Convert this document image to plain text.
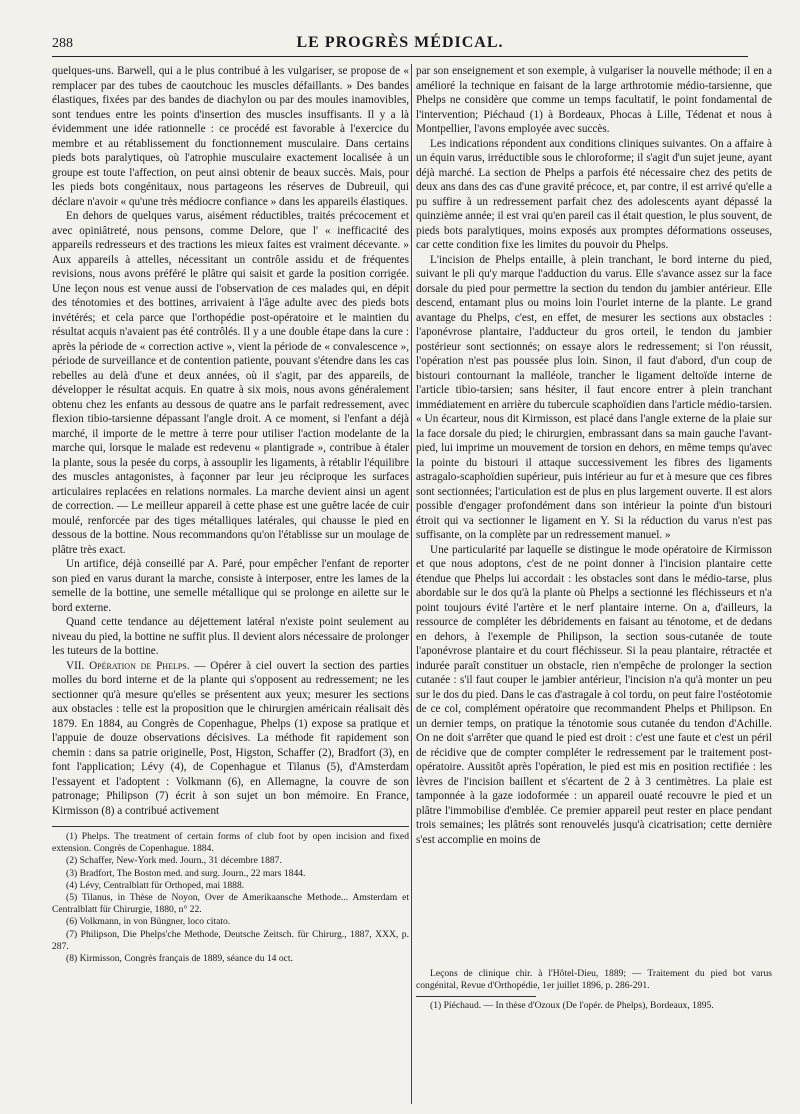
288	LE PROGRÈS MÉDICAL.

quelques-uns. Barwell, qui a le plus contribué à les vulgariser, se propose de « remplacer par des tubes de caoutchouc les muscles défaillants. » Des bandes élastiques, fixées par des bandes de diachylon ou par des moules inamovibles, sont tendues entre les points d'insertion des muscles insuffisants. Il y a là évidemment une idée rationnelle : ce procédé est favorable à l'exercice du membre et au rétablissement du fonctionnement musculaire. Dans certains pieds bots paralytiques, où l'atrophie musculaire exactement localisée à un groupe est toute l'affection, on peut ainsi obtenir de beaux succès. Mais, pour les pieds bots congénitaux, nous partageons les réserves de Dubreuil, qui déclare n'avoir « qu'une très médiocre confiance » dans les appareils élastiques.

En dehors de quelques varus, aisément réductibles, traités précocement et avec opiniâtreté, nous pensons, comme Delore, que l' « inefficacité des appareils redresseurs et des tractions les mieux faites est vraiment décevante. » Aux appareils à attelles, nécessitant un contrôle assidu et de fréquentes revisions, nous avons préféré le plâtre qui saisit et garde la position corrigée. Une leçon nous est venue aussi de l'observation de ces malades qui, en dépit des ténotomies et des bottines, arrivaient à l'âge adulte avec des pieds bots invétérés; et cela parce que l'orthopédie post-opératoire et le maintien du résultat acquis n'avaient pas été contrôlés. Il y a une double étape dans la cure : après la période de « correction active », vient la période de « convalescence », période de surveillance et de contention patiente, pouvant s'étendre dans les cas rebelles au delà d'une et deux années, où il s'agit, par des appareils, de développer le résultat acquis. En quatre à six mois, nous avons généralement obtenu chez les enfants au dessous de quatre ans le parfait redressement, avec flexion tibio-tarsienne dépassant l'angle droit. A ce moment, si l'enfant a déjà marché, il importe de le mettre à terre pour utiliser l'action modelante de la marche qui, lorsque le malade est redevenu « plantigrade », contribue à étaler la plante, sous la pesée du corps, à assouplir les ligaments, à rétablir l'équilibre des muscles antagonistes, à façonner par leur jeu réciproque les surfaces articulaires replacées en relations normales. La marche devient ainsi un agent de correction. — Le meilleur appareil à cette phase est une guêtre lacée de cuir moulé, renforcée par des tiges métalliques latérales, qui chausse le pied en dessous de la bottine. Nous recommandons qu'on l'établisse sur un moulage de plâtre très exact.

Un artifice, déjà conseillé par A. Paré, pour empêcher l'enfant de reporter son pied en varus durant la marche, consiste à interposer, entre les lames de la semelle de la bottine, une semelle métallique qui se prolonge en ailette sur le bord externe.

Quand cette tendance au déjettement latéral n'existe point seulement au niveau du pied, la bottine ne suffit plus. Il devient alors nécessaire de prolonger les tuteurs de la bottine.

VII. Opération de Phelps. — Opérer à ciel ouvert la section des parties molles du bord interne et de la plante qui s'opposent au redressement; ne les sectionner qu'à mesure qu'elles se présentent aux yeux; mesurer les sections aux obstacles : telle est la proposition que le chirurgien américain réalisait dès 1879. En 1884, au Congrès de Copenhague, Phelps (1) expose sa pratique et l'appuie de douze observations décisives. La méthode fit rapidement son chemin : dans sa patrie originelle, Post, Higston, Schaffer (2), Bradfort (3), en font l'application; Lévy (4), de Copenhague et Tilanus (5), d'Amsterdam l'essayent et l'adoptent : Volkmann (6), en Allemagne, la couvre de son patronage; Philipson (7) écrit à son sujet un bon mémoire. En France, Kirmisson (8) a contribué activement

(1) Phelps. The treatment of certain forms of club foot by open incision and fixed extension. Congrès de Copenhague. 1884.
(2) Schaffer, New-York med. Journ., 31 décembre 1887.
(3) Bradfort, The Boston med. and surg. Journ., 22 mars 1844.
(4) Lévy, Centralblatt für Orthoped, mai 1888.
(5) Tilanus, in Thèse de Noyon, Over de Amerikaansche Methode... Amsterdam et Centralblatt für Chirurgie, 1880, n° 22.
(6) Volkmann, in von Büngner, loco citato.
(7) Philipson, Die Phelps'che Methode, Deutsche Zeitsch. für Chirurg., 1887, XXX, p. 287.
(8) Kirmisson, Congrès français de 1889, séance du 14 oct.

par son enseignement et son exemple, à vulgariser la nouvelle méthode; il en a amélioré la technique en faisant de la large arthrotomie médio-tarsienne, que Phelps ne considère que comme un temps facultatif, le point fondamental de l'intervention; Piéchaud (1) à Bordeaux, Phocas à Lille, Tédenat et nous à Montpellier, l'avons employée avec succès.

Les indications répondent aux conditions cliniques suivantes. On a affaire à un équin varus, irréductible sous le chloroforme; il s'agit d'un sujet jeune, ayant déjà marché. La section de Phelps a parfois été nécessaire chez des petits de deux ans dans des cas d'une gravité précoce, et, par contre, il est arrivé qu'elle a pu suffire à un redressement parfait chez des adolescents ayant dépassé la quinzième année; il est vrai qu'en pareil cas il était question, le plus souvent, de pieds bots paralytiques, moins exposés aux promptes déformations osseuses, car cette condition fixe les limites du pouvoir du Phelps.

L'incision de Phelps entaille, à plein tranchant, le bord interne du pied, suivant le pli qu'y marque l'adduction du varus. Elle s'avance assez sur la face dorsale du pied pour permettre la section du tendon du jambier antérieur. Elle descend, entamant plus ou moins loin l'ourlet interne de la plante. Le grand avantage du Phelps, c'est, en effet, de mesurer les sections aux obstacles : l'aponévrose plantaire, l'adducteur du gros orteil, le tendon du jambier postérieur sont sectionnés; on essaye alors le redressement; si l'on réussit, l'opération n'est pas poussée plus loin. Sinon, il faut d'abord, d'un coup de bistouri contournant la malléole, trancher le ligament deltoïde interne de l'article tibio-tarsien; sans hésiter, il faut encore entrer à plein tranchant immédiatement en arrière du tubercule scaphoïdien dans l'article médio-tarsien. « Un écarteur, nous dit Kirmisson, est placé dans l'angle externe de la plaie sur la face dorsale du pied; le chirurgien, embrassant dans sa main gauche l'avant-pied, lui imprime un mouvement de torsion en dehors, en même temps qu'avec la pointe du bistouri il attaque successivement les fibres des ligaments astragalo-scaphoïdien supérieur, puis intérieur au fur et à mesure que ces fibres sont sectionnées; l'articulation est de plus en plus largement ouverte. Il est alors possible d'engager profondément dans son intérieur la pointe d'un bistouri étroit qui va sectionner le ligament en Y. Si la réduction du varus n'est pas suffisante, on la complète par un redressement manuel. »

Une particularité par laquelle se distingue le mode opératoire de Kirmisson et que nous adoptons, c'est de ne point donner à l'incision plantaire cette étendue que Phelps lui accordait : les obstacles sont dans le médio-tarse, plus abordable sur le dos qu'à la plante où Phelps a sectionné les fléchisseurs et n'a point toujours évité l'artère et le nerf plantaire interne. On a, d'ailleurs, la ressource de compléter les débridements en faisant au ténotome, et de dedans en dehors, à l'exemple de Philipson, la section sous-cutanée de toute l'aponévrose plantaire et du court fléchisseur. Si la peau plantaire, rétractée et indurée paraît constituer un obstacle, rien n'empêche de prolonger la section cutanée : s'il faut couper le jambier antérieur, l'incision n'a qu'à monter un peu sur le dos du pied. Dans le cas d'astragale à col tordu, on peut faire l'ostéotomie de ce col, complément opératoire que recommandent Phelps et Philipson. En un dernier temps, on pratique la ténotomie sous cutanée du tendon d'Achille. On ne doit s'arrêter que quand le pied est droit : c'est une faute et c'est un péril de récidive que de compter compléter le redressement par le traitement post-opératoire. Aussitôt après l'opération, le pied est mis en position rectifiée : les lèvres de l'incision baillent et s'écartent de 2 à 3 centimètres. La plaie est tamponnée à la gaze iodoformée : un appareil ouaté recouvre le pied et un plâtre l'immobilise d'emblée. Ce premier appareil peut rester en place pendant trois semaines; les plâtrés sont renouvelés jusqu'à cicatrisation; cette dernière s'est accomplie en moins de

Leçons de clinique chir. à l'Hôtel-Dieu, 1889; — Traitement du pied bot varus congénital, Revue d'Orthopédie, 1er juillet 1896, p. 286-291.
(1) Piéchaud. — In thèse d'Ozoux (De l'opér. de Phelps), Bordeaux, 1895.
